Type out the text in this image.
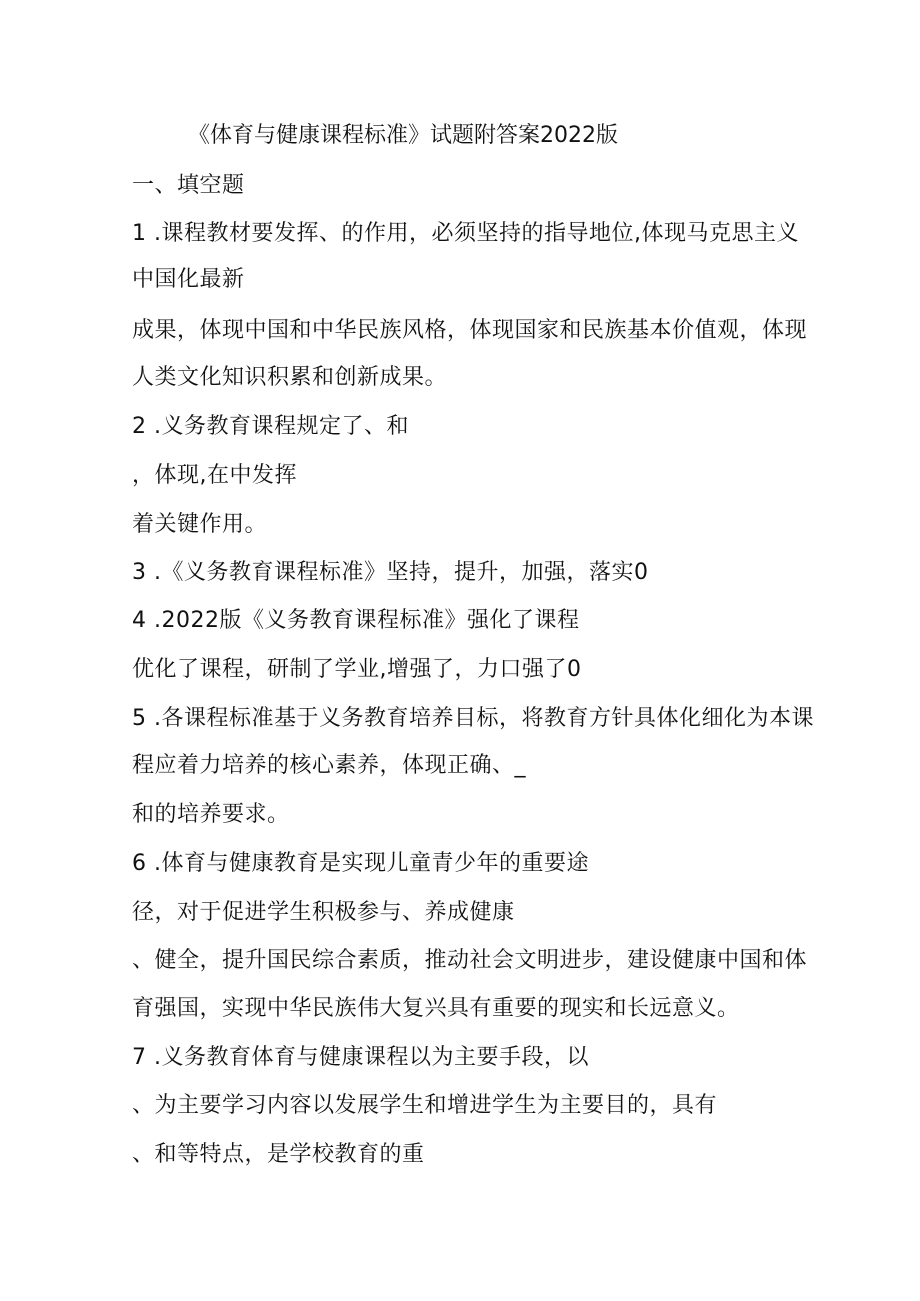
《体育与健康课程标准》试题附答案2022版
一、填空题
1 .课程教材要发挥、的作用，必须坚持的指导地位,体现马克思主义
中国化最新
成果，体现中国和中华民族风格，体现国家和民族基本价值观，体现
人类文化知识积累和创新成果。
2 .义务教育课程规定了、和
，体现,在中发挥
着关键作用。
3 .《义务教育课程标准》坚持，提升，加强，落实0
4 .2022版《义务教育课程标准》强化了课程
优化了课程，研制了学业,增强了，力口强了0
5 .各课程标准基于义务教育培养目标，将教育方针具体化细化为本课
程应着力培养的核心素养，体现正确、_
和的培养要求。
6 .体育与健康教育是实现儿童青少年的重要途
径，对于促进学生积极参与、养成健康
、健全，提升国民综合素质，推动社会文明进步，建设健康中国和体
育强国，实现中华民族伟大复兴具有重要的现实和长远意义。
7 .义务教育体育与健康课程以为主要手段，以
、为主要学习内容以发展学生和增进学生为主要目的，具有
、和等特点，是学校教育的重
